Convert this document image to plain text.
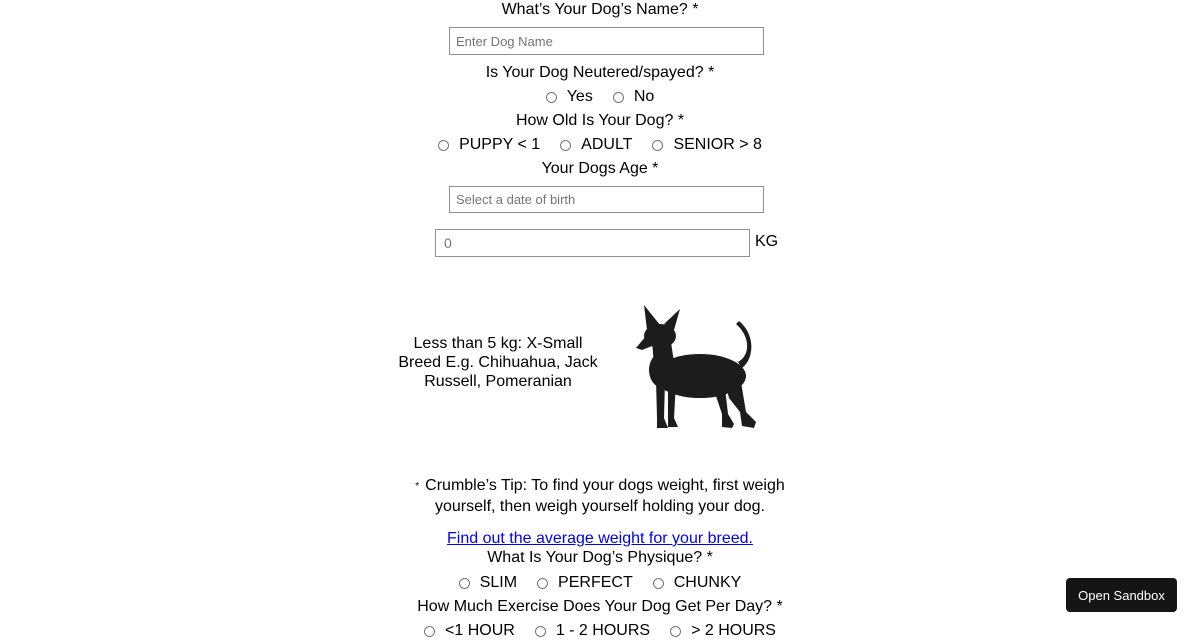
What’s Your Dog’s Name? *
Enter Dog Name
Is Your Dog Neutered/spayed? *
Yes	No
How Old Is Your Dog? *
PUPPY < 1	ADULT	SENIOR > 8
Your Dogs Age *
Select a date of birth
0
KG
Less than 5 kg: X-Small
Breed E.g. Chihuahua, Jack
Russell, Pomeranian
* Crumble’s Tip: To find your dogs weight, first weigh
yourself, then weigh yourself holding your dog.
Find out the average weight for your breed.
What Is Your Dog’s Physique? *
SLIM	PERFECT	CHUNKY
How Much Exercise Does Your Dog Get Per Day? *
<1 HOUR	1 - 2 HOURS	> 2 HOURS
Open Sandbox
